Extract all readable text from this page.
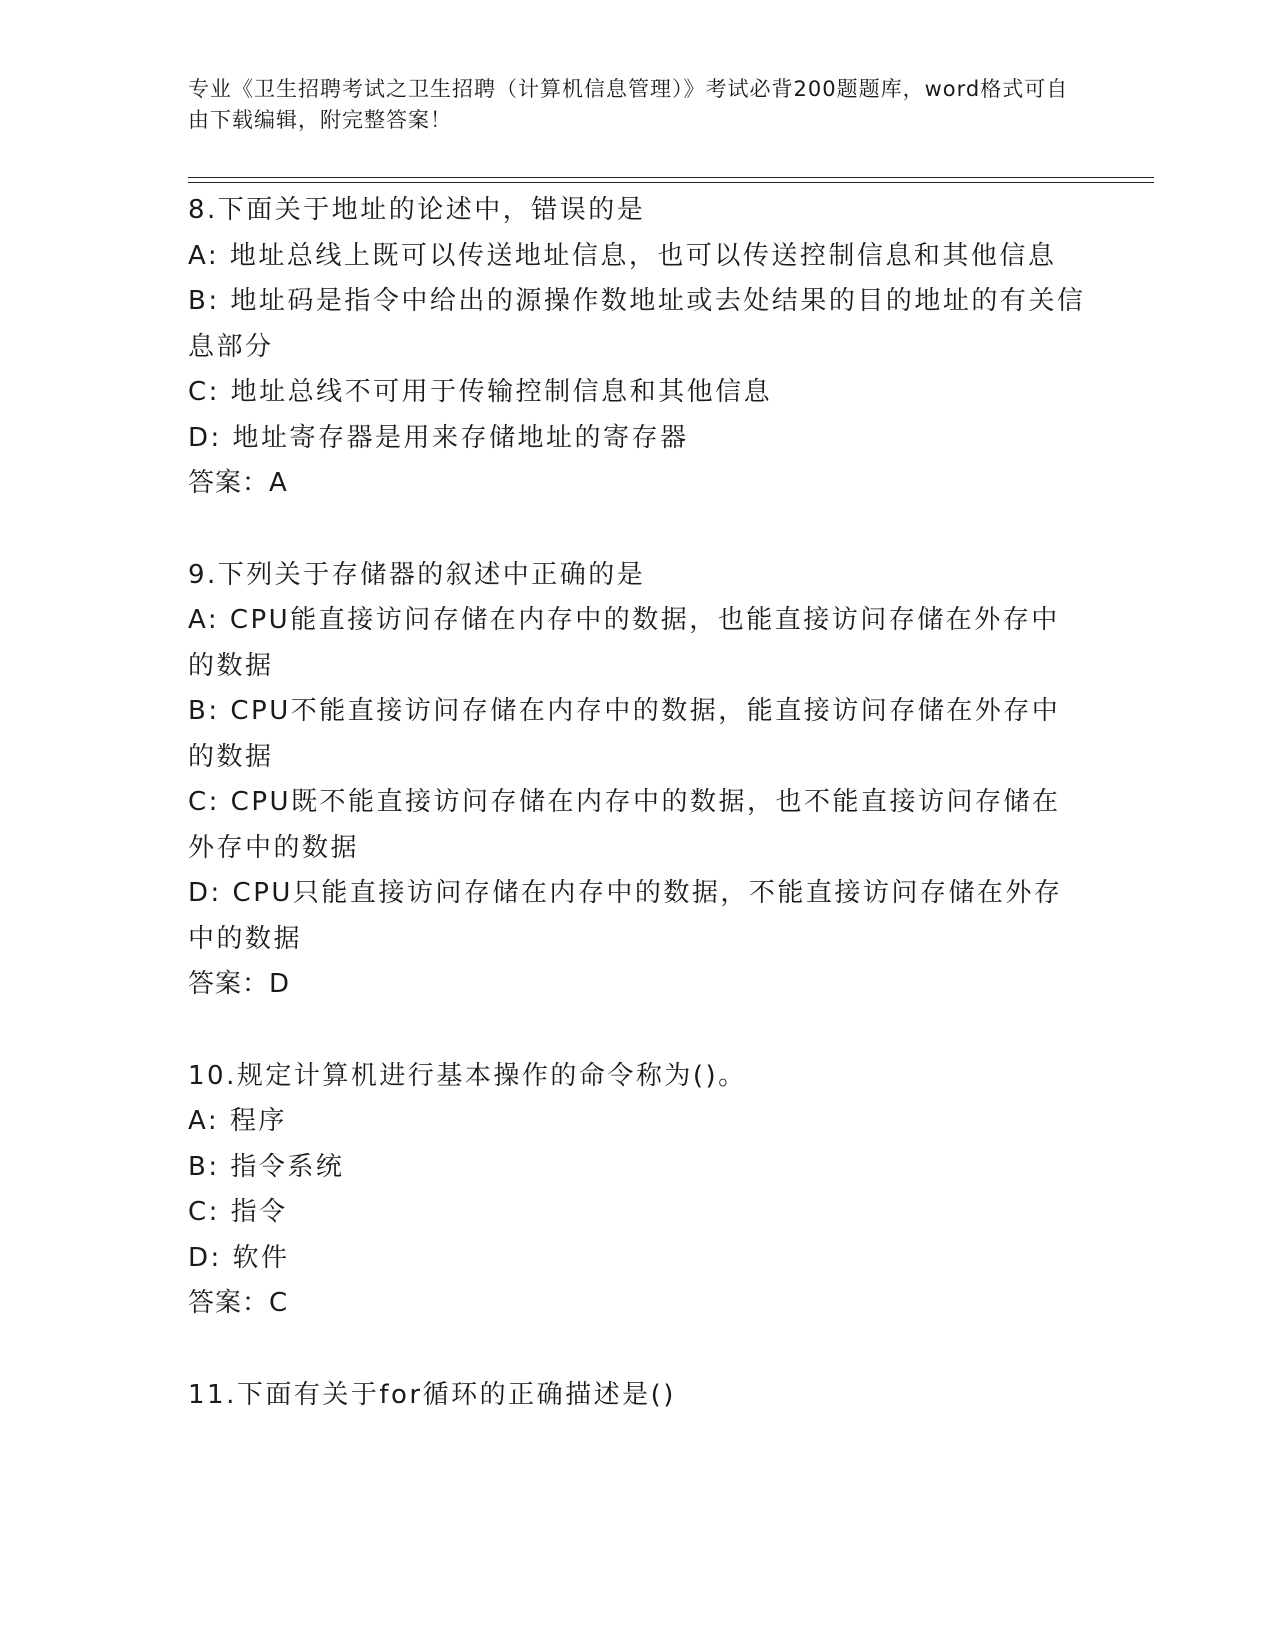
专业《卫生招聘考试之卫生招聘（计算机信息管理）》考试必背200题题库，word格式可自由下载编辑，附完整答案！

8.下面关于地址的论述中，错误的是

A: 地址总线上既可以传送地址信息，也可以传送控制信息和其他信息

B: 地址码是指令中给出的源操作数地址或去处结果的目的地址的有关信息部分

C: 地址总线不可用于传输控制信息和其他信息

D: 地址寄存器是用来存储地址的寄存器

答案：A

9.下列关于存储器的叙述中正确的是

A: CPU能直接访问存储在内存中的数据，也能直接访问存储在外存中的数据

B: CPU不能直接访问存储在内存中的数据，能直接访问存储在外存中的数据

C: CPU既不能直接访问存储在内存中的数据，也不能直接访问存储在外存中的数据

D: CPU只能直接访问存储在内存中的数据，不能直接访问存储在外存中的数据

答案：D

10.规定计算机进行基本操作的命令称为()。

A: 程序

B: 指令系统

C: 指令

D: 软件

答案：C

11.下面有关于for循环的正确描述是()
